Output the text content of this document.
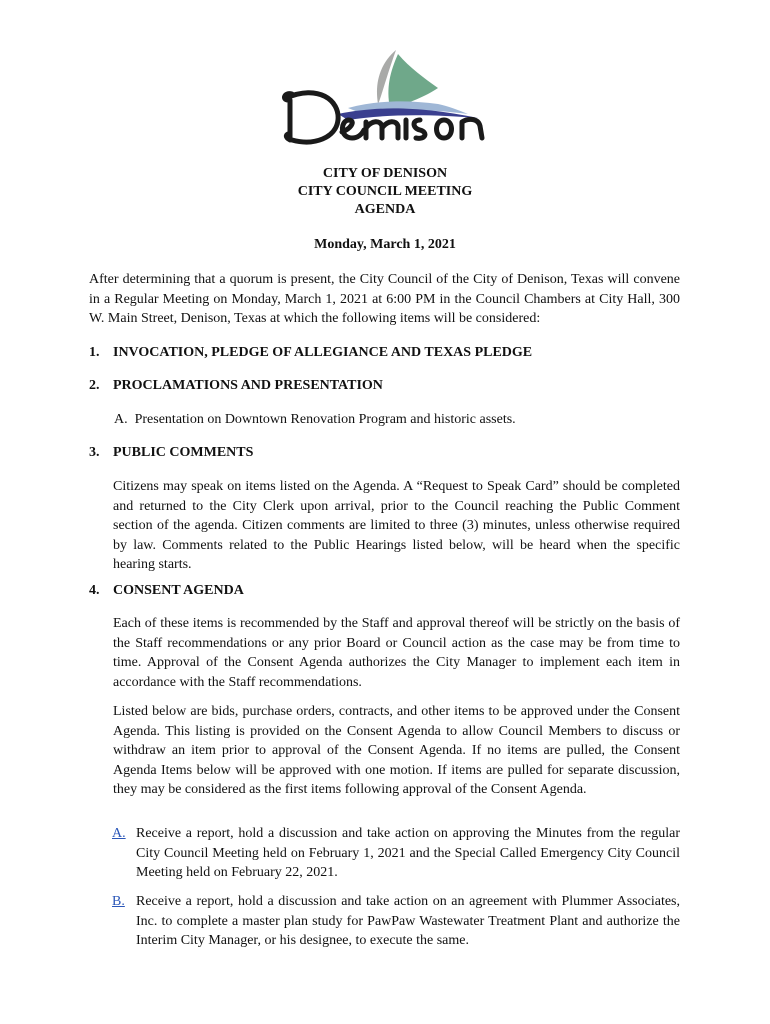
CITY OF DENISON
CITY COUNCIL MEETING
AGENDA
Monday, March 1, 2021
After determining that a quorum is present, the City Council of the City of Denison, Texas will convene in a Regular Meeting on Monday, March 1, 2021 at 6:00 PM in the Council Chambers at City Hall, 300 W. Main Street, Denison, Texas at which the following items will be considered:
1. INVOCATION, PLEDGE OF ALLEGIANCE AND TEXAS PLEDGE
2. PROCLAMATIONS AND PRESENTATION
A.  Presentation on Downtown Renovation Program and historic assets.
3. PUBLIC COMMENTS
Citizens may speak on items listed on the Agenda. A “Request to Speak Card” should be completed and returned to the City Clerk upon arrival, prior to the Council reaching the Public Comment section of the agenda. Citizen comments are limited to three (3) minutes, unless otherwise required by law. Comments related to the Public Hearings listed below, will be heard when the specific hearing starts.
4. CONSENT AGENDA
Each of these items is recommended by the Staff and approval thereof will be strictly on the basis of the Staff recommendations or any prior Board or Council action as the case may be from time to time. Approval of the Consent Agenda authorizes the City Manager to implement each item in accordance with the Staff recommendations.
Listed below are bids, purchase orders, contracts, and other items to be approved under the Consent Agenda. This listing is provided on the Consent Agenda to allow Council Members to discuss or withdraw an item prior to approval of the Consent Agenda. If no items are pulled, the Consent Agenda Items below will be approved with one motion. If items are pulled for separate discussion, they may be considered as the first items following approval of the Consent Agenda.
A. Receive a report, hold a discussion and take action on approving the Minutes from the regular City Council Meeting held on February 1, 2021 and the Special Called Emergency City Council Meeting held on February 22, 2021.
B. Receive a report, hold a discussion and take action on an agreement with Plummer Associates, Inc. to complete a master plan study for PawPaw Wastewater Treatment Plant and authorize the Interim City Manager, or his designee, to execute the same.
